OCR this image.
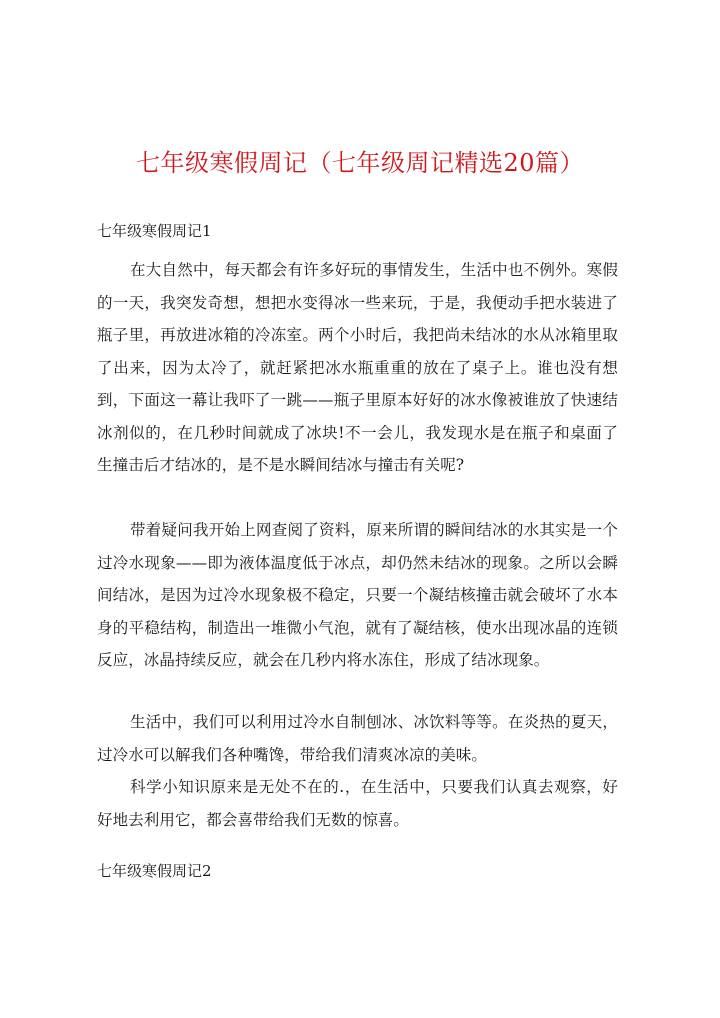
七年级寒假周记（七年级周记精选20篇）
七年级寒假周记1
在大自然中，每天都会有许多好玩的事情发生，生活中也不例外。寒假的一天，我突发奇想，想把水变得冰一些来玩，于是，我便动手把水装进了瓶子里，再放进冰箱的冷冻室。两个小时后，我把尚未结冰的水从冰箱里取了出来，因为太冷了，就赶紧把冰水瓶重重的放在了桌子上。谁也没有想到，下面这一幕让我吓了一跳——瓶子里原本好好的冰水像被谁放了快速结冰剂似的，在几秒时间就成了冰块!不一会儿，我发现水是在瓶子和桌面了生撞击后才结冰的，是不是水瞬间结冰与撞击有关呢?
带着疑问我开始上网查阅了资料，原来所谓的瞬间结冰的水其实是一个过冷水现象——即为液体温度低于冰点，却仍然未结冰的现象。之所以会瞬间结冰，是因为过冷水现象极不稳定，只要一个凝结核撞击就会破坏了水本身的平稳结构，制造出一堆微小气泡，就有了凝结核，使水出现冰晶的连锁反应，冰晶持续反应，就会在几秒内将水冻住，形成了结冰现象。
生活中，我们可以利用过冷水自制刨冰、冰饮料等等。在炎热的夏天，过冷水可以解我们各种嘴馋，带给我们清爽冰凉的美味。
科学小知识原来是无处不在的.，在生活中，只要我们认真去观察，好好地去利用它，都会喜带给我们无数的惊喜。
七年级寒假周记2
